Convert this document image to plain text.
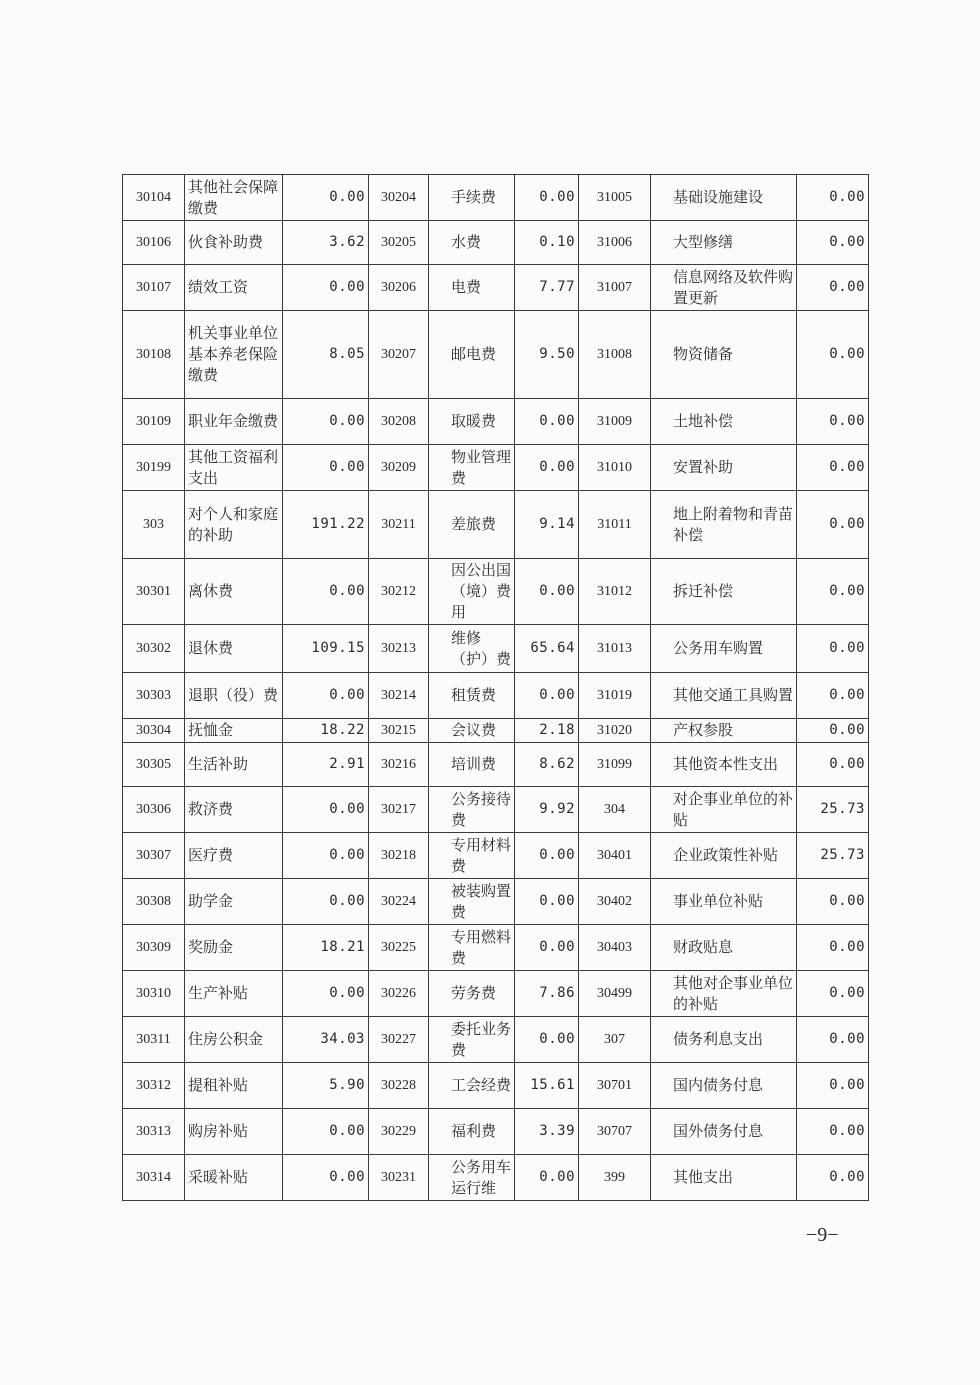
30104	其他社会保障缴费	0.00	30204	手续费	0.00	31005	基础设施建设	0.00
30106	伙食补助费	3.62	30205	水费	0.10	31006	大型修缮	0.00
30107	绩效工资	0.00	30206	电费	7.77	31007	信息网络及软件购置更新	0.00
30108	机关事业单位基本养老保险缴费	8.05	30207	邮电费	9.50	31008	物资储备	0.00
30109	职业年金缴费	0.00	30208	取暖费	0.00	31009	土地补偿	0.00
30199	其他工资福利支出	0.00	30209	物业管理费	0.00	31010	安置补助	0.00
303	对个人和家庭的补助	191.22	30211	差旅费	9.14	31011	地上附着物和青苗补偿	0.00
30301	离休费	0.00	30212	因公出国（境）费用	0.00	31012	拆迁补偿	0.00
30302	退休费	109.15	30213	维修（护）费	65.64	31013	公务用车购置	0.00
30303	退职（役）费	0.00	30214	租赁费	0.00	31019	其他交通工具购置	0.00
30304	抚恤金	18.22	30215	会议费	2.18	31020	产权参股	0.00
30305	生活补助	2.91	30216	培训费	8.62	31099	其他资本性支出	0.00
30306	救济费	0.00	30217	公务接待费	9.92	304	对企事业单位的补贴	25.73
30307	医疗费	0.00	30218	专用材料费	0.00	30401	企业政策性补贴	25.73
30308	助学金	0.00	30224	被装购置费	0.00	30402	事业单位补贴	0.00
30309	奖励金	18.21	30225	专用燃料费	0.00	30403	财政贴息	0.00
30310	生产补贴	0.00	30226	劳务费	7.86	30499	其他对企事业单位的补贴	0.00
30311	住房公积金	34.03	30227	委托业务费	0.00	307	债务利息支出	0.00
30312	提租补贴	5.90	30228	工会经费	15.61	30701	国内债务付息	0.00
30313	购房补贴	0.00	30229	福利费	3.39	30707	国外债务付息	0.00
30314	采暖补贴	0.00	30231	公务用车运行维	0.00	399	其他支出	0.00
−9−
